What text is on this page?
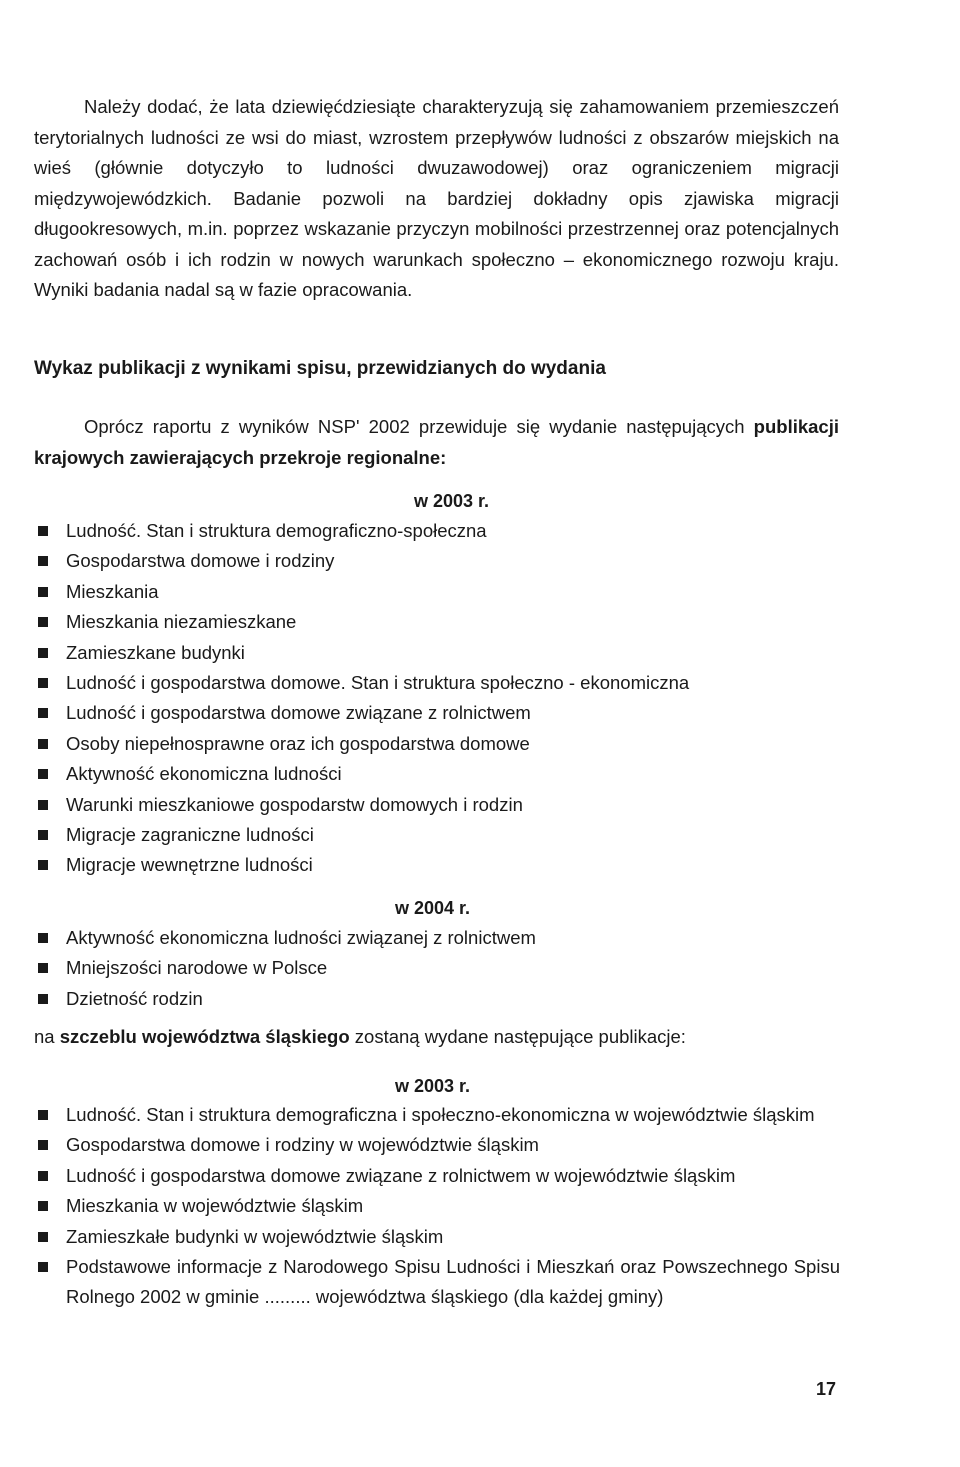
Należy dodać, że lata dziewięćdziesiąte charakteryzują się zahamowaniem przemieszczeń terytorialnych ludności ze wsi do miast, wzrostem przepływów ludności z obszarów miejskich na wieś (głównie dotyczyło to ludności dwuzawodowej) oraz ograniczeniem migracji międzywojewódzkich. Badanie pozwoli na bardziej dokładny opis zjawiska migracji długookresowych, m.in. poprzez wskazanie przyczyn mobilności przestrzennej oraz potencjalnych zachowań osób i ich rodzin w nowych warunkach społeczno – ekonomicznego rozwoju kraju. Wyniki badania nadal są w fazie opracowania.

Wykaz publikacji z wynikami spisu, przewidzianych do wydania

Oprócz raportu z wyników NSP' 2002 przewiduje się wydanie następujących publikacji krajowych zawierających przekroje regionalne:

w 2003 r.
Ludność. Stan i struktura demograficzno-społeczna
Gospodarstwa domowe i rodziny
Mieszkania
Mieszkania niezamieszkane
Zamieszkane budynki
Ludność i gospodarstwa domowe. Stan i struktura społeczno - ekonomiczna
Ludność i gospodarstwa domowe związane z rolnictwem
Osoby niepełnosprawne oraz ich gospodarstwa domowe
Aktywność ekonomiczna ludności
Warunki mieszkaniowe gospodarstw domowych i rodzin
Migracje zagraniczne ludności
Migracje wewnętrzne ludności
w 2004 r.
Aktywność ekonomiczna ludności związanej z rolnictwem
Mniejszości narodowe w Polsce
Dzietność rodzin

na szczeblu województwa śląskiego zostaną wydane następujące publikacje:

w 2003 r.
Ludność. Stan i struktura demograficzna i społeczno-ekonomiczna w województwie śląskim
Gospodarstwa domowe i rodziny w województwie śląskim
Ludność i gospodarstwa domowe związane z rolnictwem w województwie śląskim
Mieszkania w województwie śląskim
Zamieszkałe budynki w województwie śląskim
Podstawowe informacje z Narodowego Spisu Ludności i Mieszkań oraz Powszechnego Spisu Rolnego 2002 w gminie ......... województwa śląskiego (dla każdej gminy)
17
